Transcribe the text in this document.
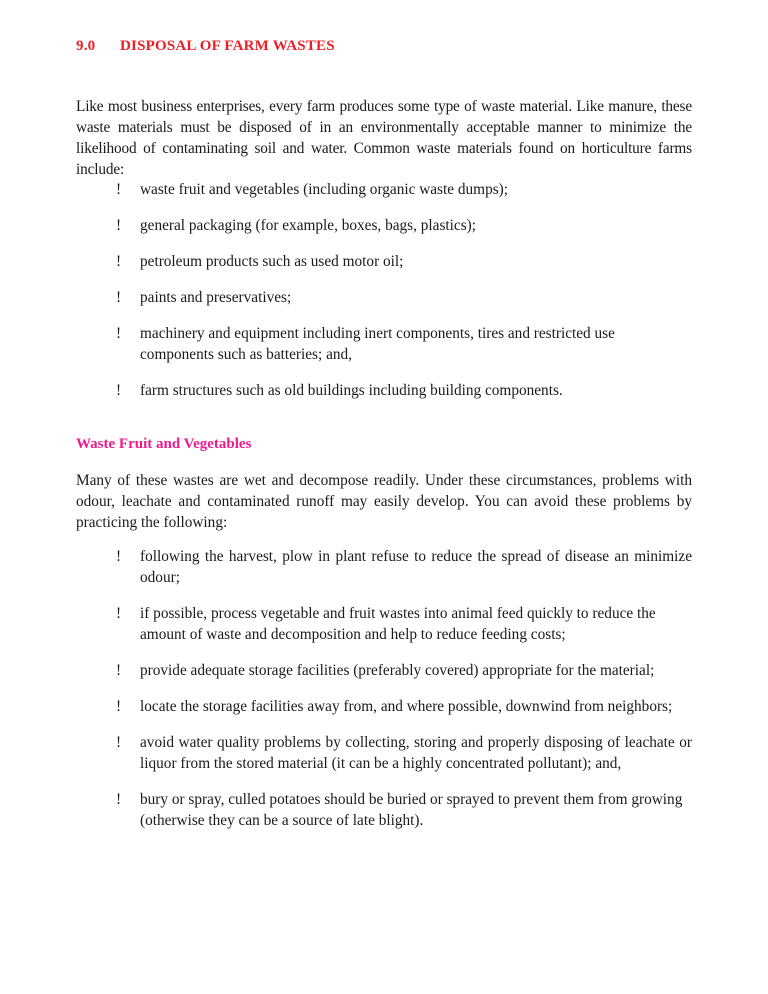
9.0 DISPOSAL OF FARM WASTES
Like most business enterprises, every farm produces some type of waste material. Like manure, these waste materials must be disposed of in an environmentally acceptable manner to minimize the likelihood of contaminating soil and water. Common waste materials found on horticulture farms include:
! waste fruit and vegetables (including organic waste dumps);
! general packaging (for example, boxes, bags, plastics);
! petroleum products such as used motor oil;
! paints and preservatives;
! machinery and equipment including inert components, tires and restricted use components such as batteries; and,
! farm structures such as old buildings including building components.
Waste Fruit and Vegetables
Many of these wastes are wet and decompose readily. Under these circumstances, problems with odour, leachate and contaminated runoff may easily develop. You can avoid these problems by practicing the following:
! following the harvest, plow in plant refuse to reduce the spread of disease an minimize odour;
! if possible, process vegetable and fruit wastes into animal feed quickly to reduce the amount of waste and decomposition and help to reduce feeding costs;
! provide adequate storage facilities (preferably covered) appropriate for the material;
! locate the storage facilities away from, and where possible, downwind from neighbors;
! avoid water quality problems by collecting, storing and properly disposing of leachate or liquor from the stored material (it can be a highly concentrated pollutant); and,
! bury or spray, culled potatoes should be buried or sprayed to prevent them from growing (otherwise they can be a source of late blight).
